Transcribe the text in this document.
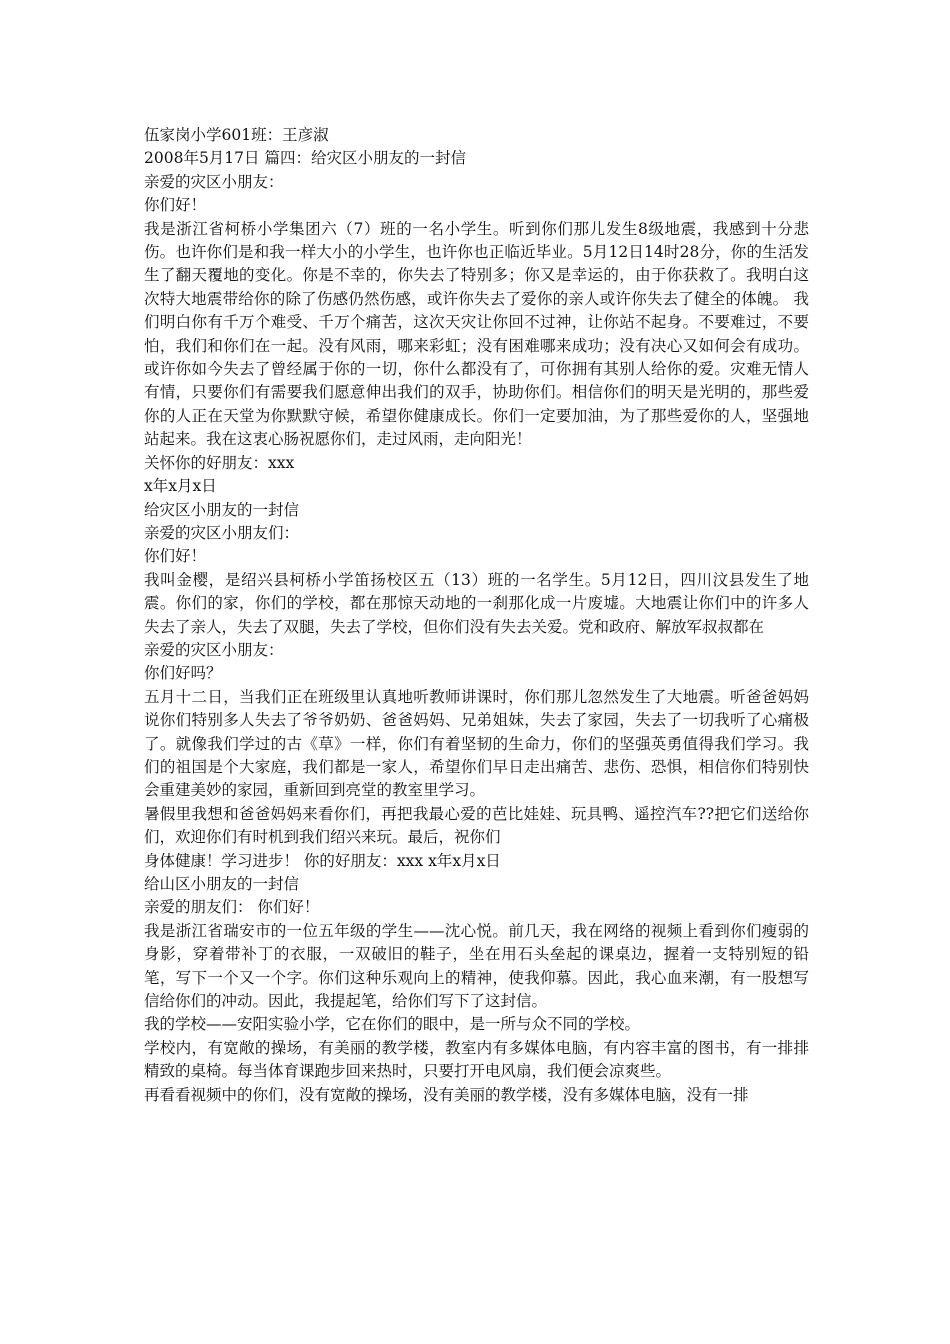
伍家岗小学601班：王彦淑

2008年5月17日 篇四：给灾区小朋友的一封信

亲爱的灾区小朋友：

你们好！

我是浙江省柯桥小学集团六（7）班的一名小学生。听到你们那儿发生8级地震，我感到十分悲伤。也许你们是和我一样大小的小学生，也许你也正临近毕业。5月12日14时28分，你的生活发生了翻天覆地的变化。你是不幸的，你失去了特别多；你又是幸运的，由于你获救了。我明白这次特大地震带给你的除了伤感仍然伤感，或许你失去了爱你的亲人或许你失去了健全的体魄。 我们明白你有千万个难受、千万个痛苦，这次天灾让你回不过神，让你站不起身。不要难过，不要怕，我们和你们在一起。没有风雨，哪来彩虹；没有困难哪来成功；没有决心又如何会有成功。或许你如今失去了曾经属于你的一切，你什么都没有了，可你拥有其别人给你的爱。灾难无情人有情，只要你们有需要我们愿意伸出我们的双手，协助你们。相信你们的明天是光明的，那些爱你的人正在天堂为你默默守候，希望你健康成长。你们一定要加油，为了那些爱你的人，坚强地站起来。我在这衷心肠祝愿你们，走过风雨，走向阳光！

关怀你的好朋友：xxx

x年x月x日

给灾区小朋友的一封信

亲爱的灾区小朋友们：

你们好！

我叫金樱，是绍兴县柯桥小学笛扬校区五（13）班的一名学生。5月12日，四川汶县发生了地震。你们的家，你们的学校，都在那惊天动地的一刹那化成一片废墟。大地震让你们中的许多人失去了亲人，失去了双腿，失去了学校，但你们没有失去关爱。党和政府、解放军叔叔都在

亲爱的灾区小朋友：

你们好吗？

五月十二日，当我们正在班级里认真地听教师讲课时，你们那儿忽然发生了大地震。听爸爸妈妈说你们特别多人失去了爷爷奶奶、爸爸妈妈、兄弟姐妹，失去了家园，失去了一切我听了心痛极了。就像我们学过的古《草》一样，你们有着坚韧的生命力，你们的坚强英勇值得我们学习。我们的祖国是个大家庭，我们都是一家人，希望你们早日走出痛苦、悲伤、恐惧，相信你们特别快会重建美妙的家园，重新回到亮堂的教室里学习。

暑假里我想和爸爸妈妈来看你们，再把我最心爱的芭比娃娃、玩具鸭、遥控汽车??把它们送给你们，欢迎你们有时机到我们绍兴来玩。最后，祝你们

身体健康！学习进步！ 你的好朋友：xxx x年x月x日

给山区小朋友的一封信

亲爱的朋友们： 你们好！

我是浙江省瑞安市的一位五年级的学生——沈心悦。前几天，我在网络的视频上看到你们瘦弱的身影，穿着带补丁的衣服，一双破旧的鞋子，坐在用石头垒起的课桌边，握着一支特别短的铅笔，写下一个又一个字。你们这种乐观向上的精神，使我仰慕。因此，我心血来潮，有一股想写信给你们的冲动。因此，我提起笔，给你们写下了这封信。

我的学校——安阳实验小学，它在你们的眼中，是一所与众不同的学校。

学校内，有宽敞的操场，有美丽的教学楼，教室内有多媒体电脑，有内容丰富的图书，有一排排精致的桌椅。每当体育课跑步回来热时，只要打开电风扇，我们便会凉爽些。

再看看视频中的你们，没有宽敞的操场，没有美丽的教学楼，没有多媒体电脑，没有一排
